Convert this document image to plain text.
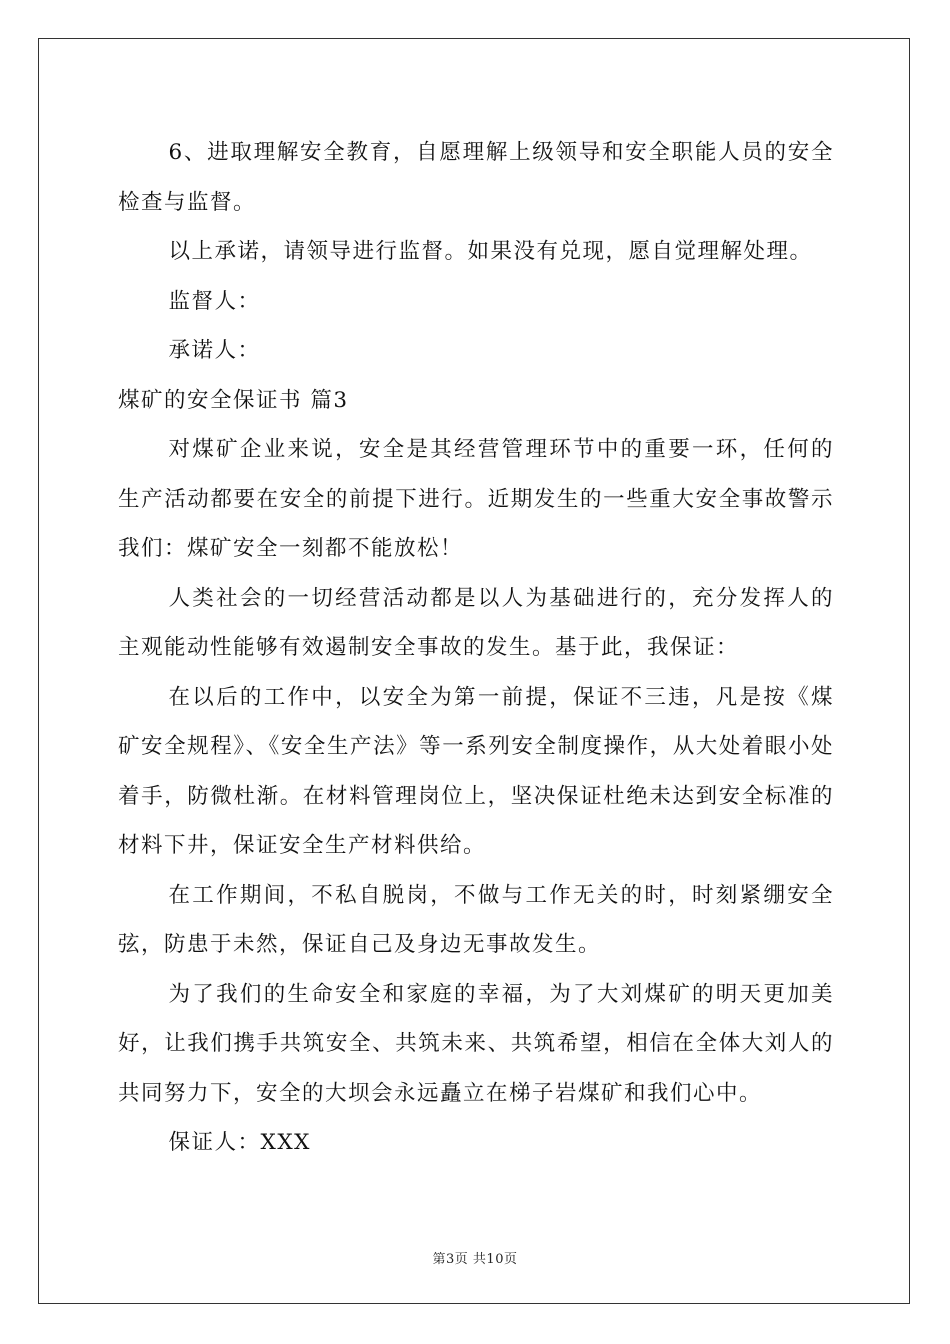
6、进取理解安全教育，自愿理解上级领导和安全职能人员的安全检查与监督。

以上承诺，请领导进行监督。如果没有兑现，愿自觉理解处理。

监督人：

承诺人：

煤矿的安全保证书 篇3

对煤矿企业来说，安全是其经营管理环节中的重要一环，任何的生产活动都要在安全的前提下进行。近期发生的一些重大安全事故警示我们：煤矿安全一刻都不能放松！

人类社会的一切经营活动都是以人为基础进行的，充分发挥人的主观能动性能够有效遏制安全事故的发生。基于此，我保证：

在以后的工作中，以安全为第一前提，保证不三违，凡是按《煤矿安全规程》、《安全生产法》等一系列安全制度操作，从大处着眼小处着手，防微杜渐。在材料管理岗位上，坚决保证杜绝未达到安全标准的材料下井，保证安全生产材料供给。

在工作期间，不私自脱岗，不做与工作无关的时，时刻紧绷安全弦，防患于未然，保证自己及身边无事故发生。

为了我们的生命安全和家庭的幸福，为了大刘煤矿的明天更加美好，让我们携手共筑安全、共筑未来、共筑希望，相信在全体大刘人的共同努力下，安全的大坝会永远矗立在梯子岩煤矿和我们心中。

保证人：XXX

第3页 共10页
